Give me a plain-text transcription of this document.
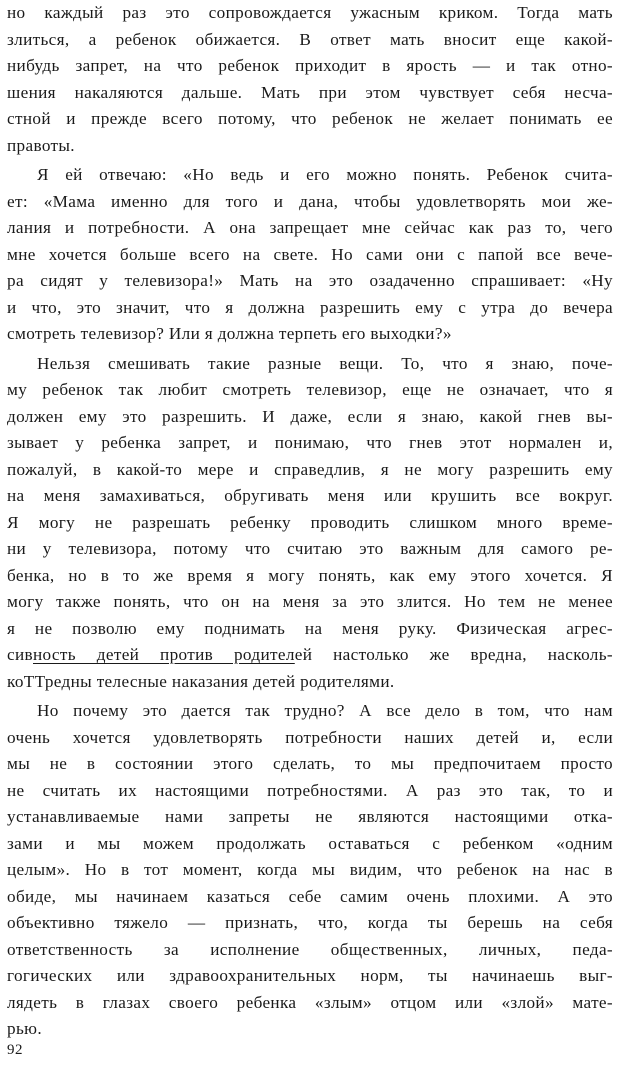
но каждый раз это сопровождается ужасным криком. Тогда мать
злиться, а ребенок обижается. В ответ мать вносит еще какой-
нибудь запрет, на что ребенок приходит в ярость — и так отно-
шения накаляются дальше. Мать при этом чувствует себя несча-
стной и прежде всего потому, что ребенок не желает понимать ее
правоты.
Я ей отвечаю: «Но ведь и его можно понять. Ребенок счита-
ет: «Мама именно для того и дана, чтобы удовлетворять мои же-
лания и потребности. А она запрещает мне сейчас как раз то, чего
мне хочется больше всего на свете. Но сами они с папой все вече-
ра сидят у телевизора!» Мать на это озадаченно спрашивает: «Ну
и что, это значит, что я должна разрешить ему с утра до вечера
смотреть телевизор? Или я должна терпеть его выходки?»
Нельзя смешивать такие разные вещи. То, что я знаю, поче-
му ребенок так любит смотреть телевизор, еще не означает, что я
должен ему это разрешить. И даже, если я знаю, какой гнев вы-
зывает у ребенка запрет, и понимаю, что гнев этот нормален и,
пожалуй, в какой-то мере и справедлив, я не могу разрешить ему
на меня замахиваться, обругивать меня или крушить все вокруг.
Я могу не разрешать ребенку проводить слишком много време-
ни у телевизора, потому что считаю это важным для самого ре-
бенка, но в то же время я могу понять, как ему этого хочется. Я
могу также понять, что он на меня за это злится. Но тем не менее
я не позволю ему поднимать на меня руку. Физическая агрес-
сивность детей против родителей настолько же вредна, насколь-
коТТредны телесные наказания детей родителями.
Но почему это дается так трудно? А все дело в том, что нам
очень хочется удовлетворять потребности наших детей и, если
мы не в состоянии этого сделать, то мы предпочитаем просто
не считать их настоящими потребностями. А раз это так, то и
устанавливаемые нами запреты не являются настоящими отка-
зами и мы можем продолжать оставаться с ребенком «одним
целым». Но в тот момент, когда мы видим, что ребенок на нас в
обиде, мы начинаем казаться себе самим очень плохими. А это
объективно тяжело — признать, что, когда ты берешь на себя
ответственность за исполнение общественных, личных, педа-
гогических или здравоохранительных норм, ты начинаешь выг-
лядеть в глазах своего ребенка «злым» отцом или «злой» мате-
рью.
92
